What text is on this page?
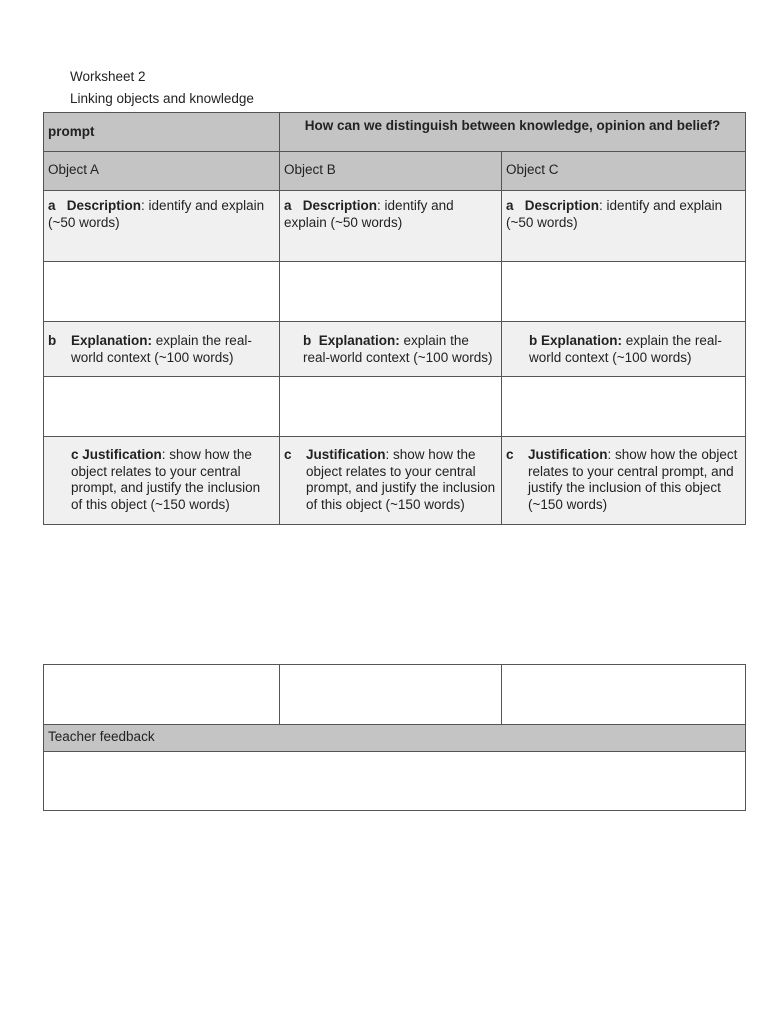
Worksheet 2
Linking objects and knowledge
prompt	How can we distinguish between knowledge, opinion and belief?	

Object A	Object B	Object C

a Description: identify and explain (~50 words)	a Description: identify and explain (~50 words)	a Description: identify and explain (~50 words)

b Explanation: explain the real-world context (~100 words)	b Explanation: explain the real-world context (~100 words)	b Explanation: explain the real-world context (~100 words)

c Justification: show how the object relates to your central prompt, and justify the inclusion of this object (~150 words)	c Justification: show how the object relates to your central prompt, and justify the inclusion of this object (~150 words)	c Justification: show how the object relates to your central prompt, and justify the inclusion of this object (~150 words)

Teacher feedback
